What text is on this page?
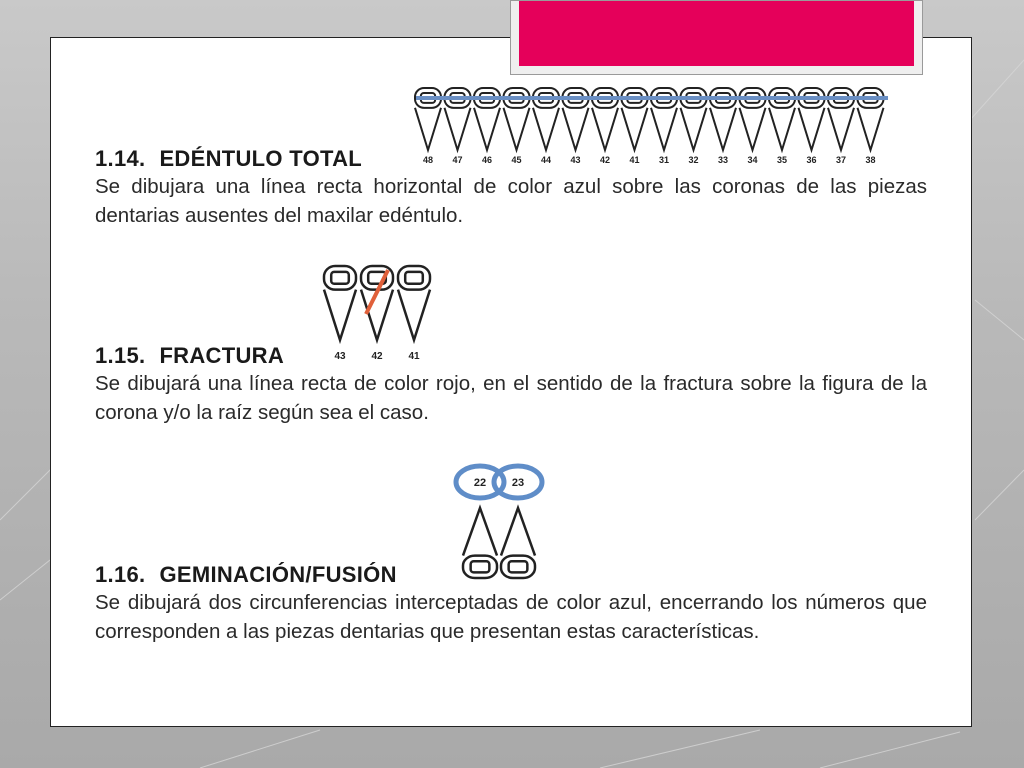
48 47 46 45 44 43 42 41 31 32 33 34 35 36 37 38
1.14. EDÉNTULO TOTAL
Se dibujara una línea recta horizontal de color azul sobre las coronas de las piezas dentarias ausentes del maxilar edéntulo.
43	42	41
1.15. FRACTURA
Se dibujará una línea recta de color rojo, en el sentido de la fractura sobre la figura de la corona y/o la raíz según sea el caso.
22 23
1.16. GEMINACIÓN/FUSIÓN
Se dibujará dos circunferencias interceptadas de color azul, encerrando los números que corresponden a las piezas dentarias que presentan estas características.
